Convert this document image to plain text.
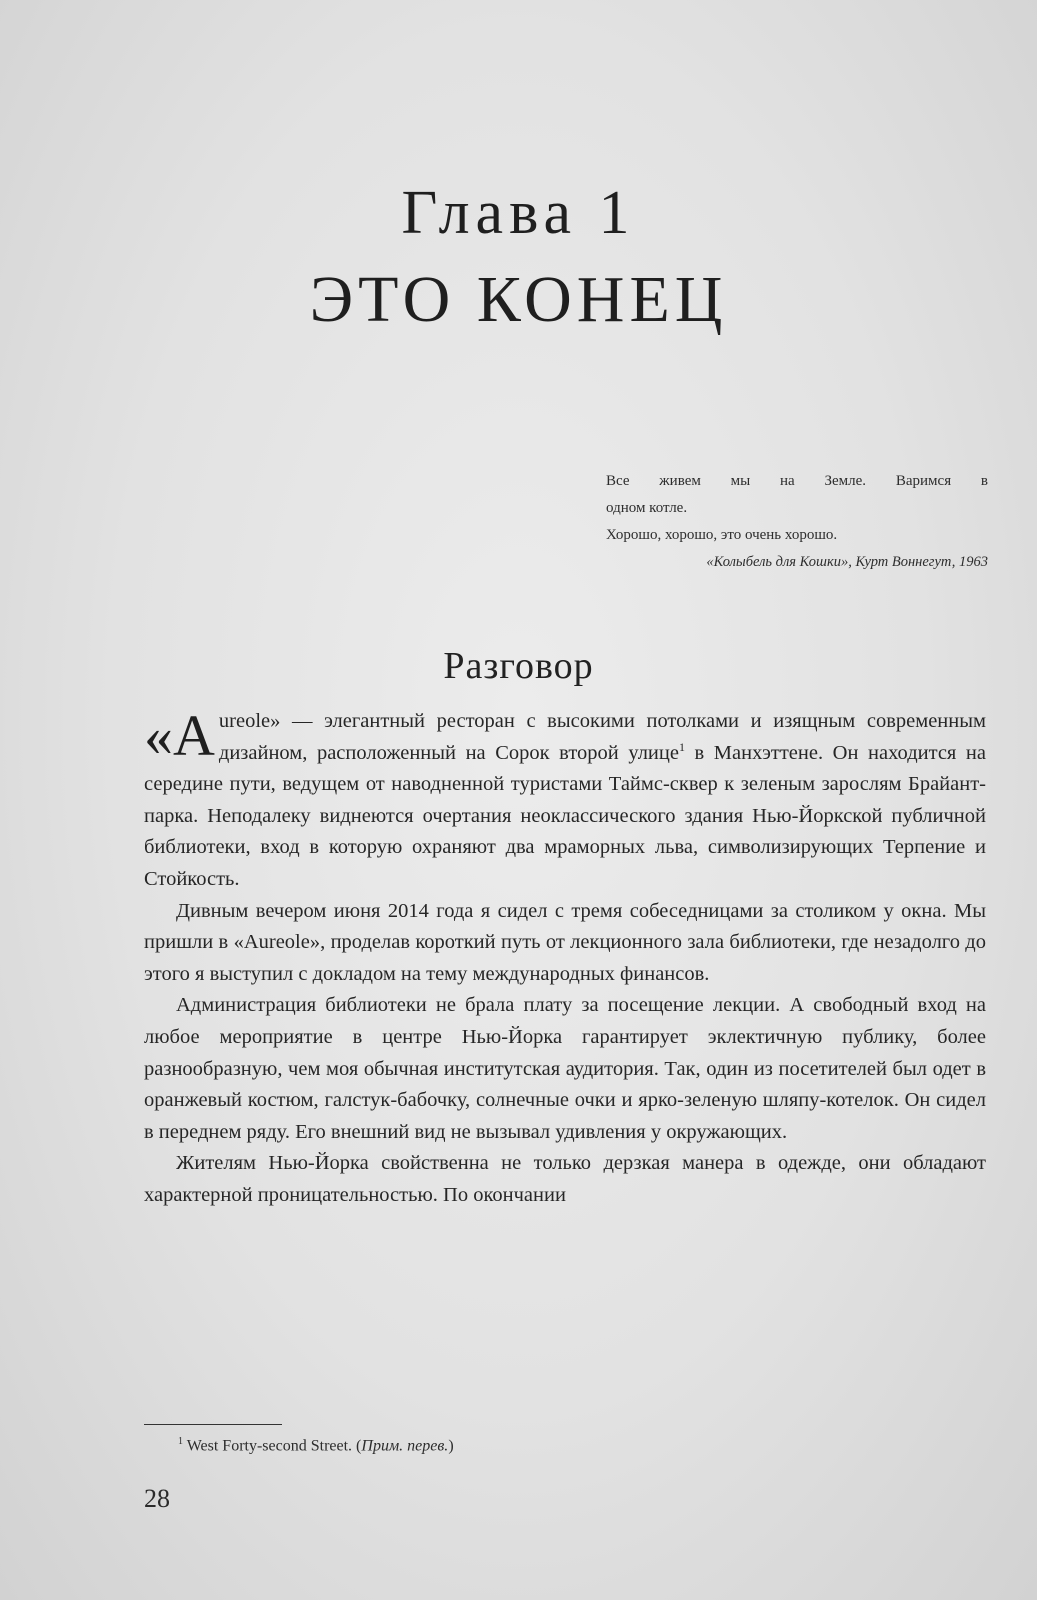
Глава 1
ЭТО КОНЕЦ

Все живем мы на Земле. Варимся в

одном котле.

Хорошо, хорошо, это очень хорошо.

«Колыбель для Кошки», Курт Воннегут, 1963

Разговор

«A ureole» — элегантный ресторан с высокими потолками и изящным современным дизайном, расположенный на Сорок второй улице$^1$ в Манхэттене. Он находится на середине пути, ведущем от наводненной туристами Таймс-сквер к зеленым зарослям Брайант-парка. Неподалеку виднеются очертания неоклассического здания Нью-Йоркской публичной библиотеки, вход в которую охраняют два мраморных льва, символизирующих Терпение и Стойкость.

Дивным вечером июня 2014 года я сидел с тремя собеседницами за столиком у окна. Мы пришли в «Aureole», проделав короткий путь от лекционного зала библиотеки, где незадолго до этого я выступил с докладом на тему международных финансов.

Администрация библиотеки не брала плату за посещение лекции. А свободный вход на любое мероприятие в центре Нью-Йорка гарантирует эклектичную публику, более разнообразную, чем моя обычная институтская аудитория. Так, один из посетителей был одет в оранжевый костюм, галстук-бабочку, солнечные очки и ярко-зеленую шляпу-котелок. Он сидел в переднем ряду. Его внешний вид не вызывал удивления у окружающих.

Жителям Нью-Йорка свойственна не только дерзкая манера в одежде, они обладают характерной проницательностью. По окончании

$^1$ West Forty-second Street. (Прим. перев.)
28
